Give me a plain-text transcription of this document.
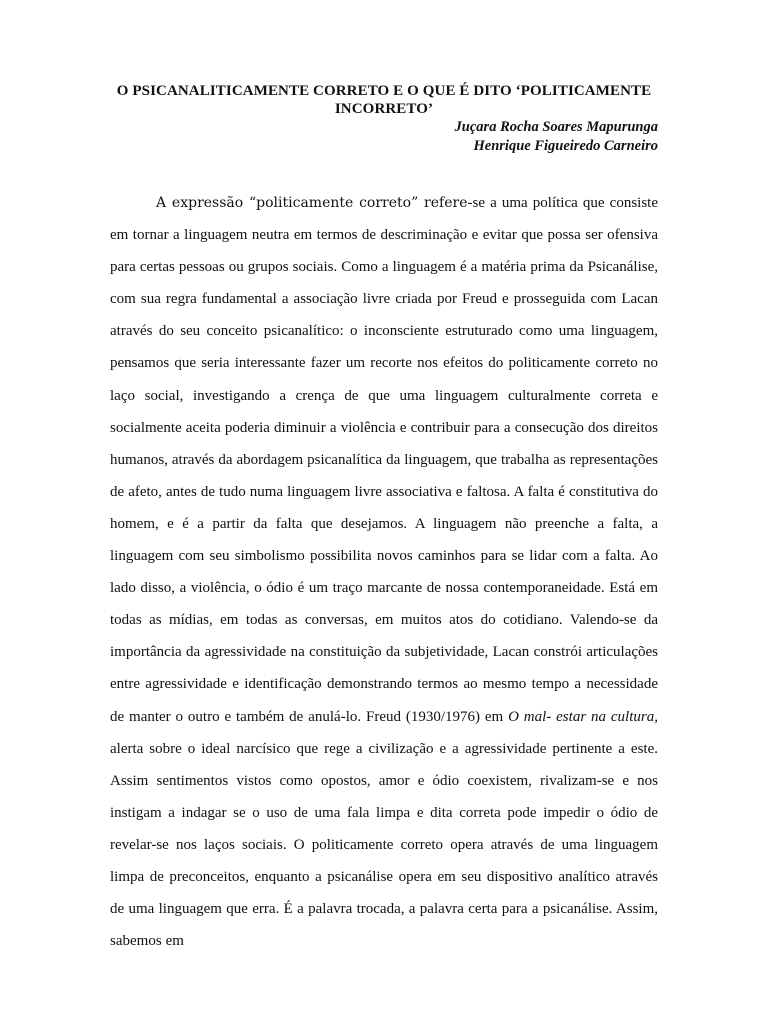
O PSICANALITICAMENTE CORRETO E O QUE É DITO ‘POLITICAMENTE INCORRETO’
Juçara Rocha Soares Mapurunga
Henrique Figueiredo Carneiro

A expressão “politicamente correto” refere-se a uma política que consiste em tornar a linguagem neutra em termos de descriminação e evitar que possa ser ofensiva para certas pessoas ou grupos sociais. Como a linguagem é a matéria prima da Psicanálise, com sua regra fundamental a associação livre criada por Freud e prosseguida com Lacan através do seu conceito psicanalítico: o inconsciente estruturado como uma linguagem, pensamos que seria interessante fazer um recorte nos efeitos do politicamente correto no laço social, investigando a crença de que uma linguagem culturalmente correta e socialmente aceita poderia diminuir a violência e contribuir para a consecução dos direitos humanos, através da abordagem psicanalítica da linguagem, que trabalha as representações de afeto, antes de tudo numa linguagem livre associativa e faltosa. A falta é constitutiva do homem, e é a partir da falta que desejamos. A linguagem não preenche a falta, a linguagem com seu simbolismo possibilita novos caminhos para se lidar com a falta. Ao lado disso, a violência, o ódio é um traço marcante de nossa contemporaneidade. Está em todas as mídias, em todas as conversas, em muitos atos do cotidiano. Valendo-se da importância da agressividade na constituição da subjetividade, Lacan constrói articulações entre agressividade e identificação demonstrando termos ao mesmo tempo a necessidade de manter o outro e também de anulá-lo. Freud (1930/1976) em O mal- estar na cultura, alerta sobre o ideal narcísico que rege a civilização e a agressividade pertinente a este. Assim sentimentos vistos como opostos, amor e ódio coexistem, rivalizam-se e nos instigam a indagar se o uso de uma fala limpa e dita correta pode impedir o ódio de revelar-se nos laços sociais. O politicamente correto opera através de uma linguagem limpa de preconceitos, enquanto a psicanálise opera em seu dispositivo analítico através de uma linguagem que erra. É a palavra trocada, a palavra certa para a psicanálise. Assim, sabemos em
